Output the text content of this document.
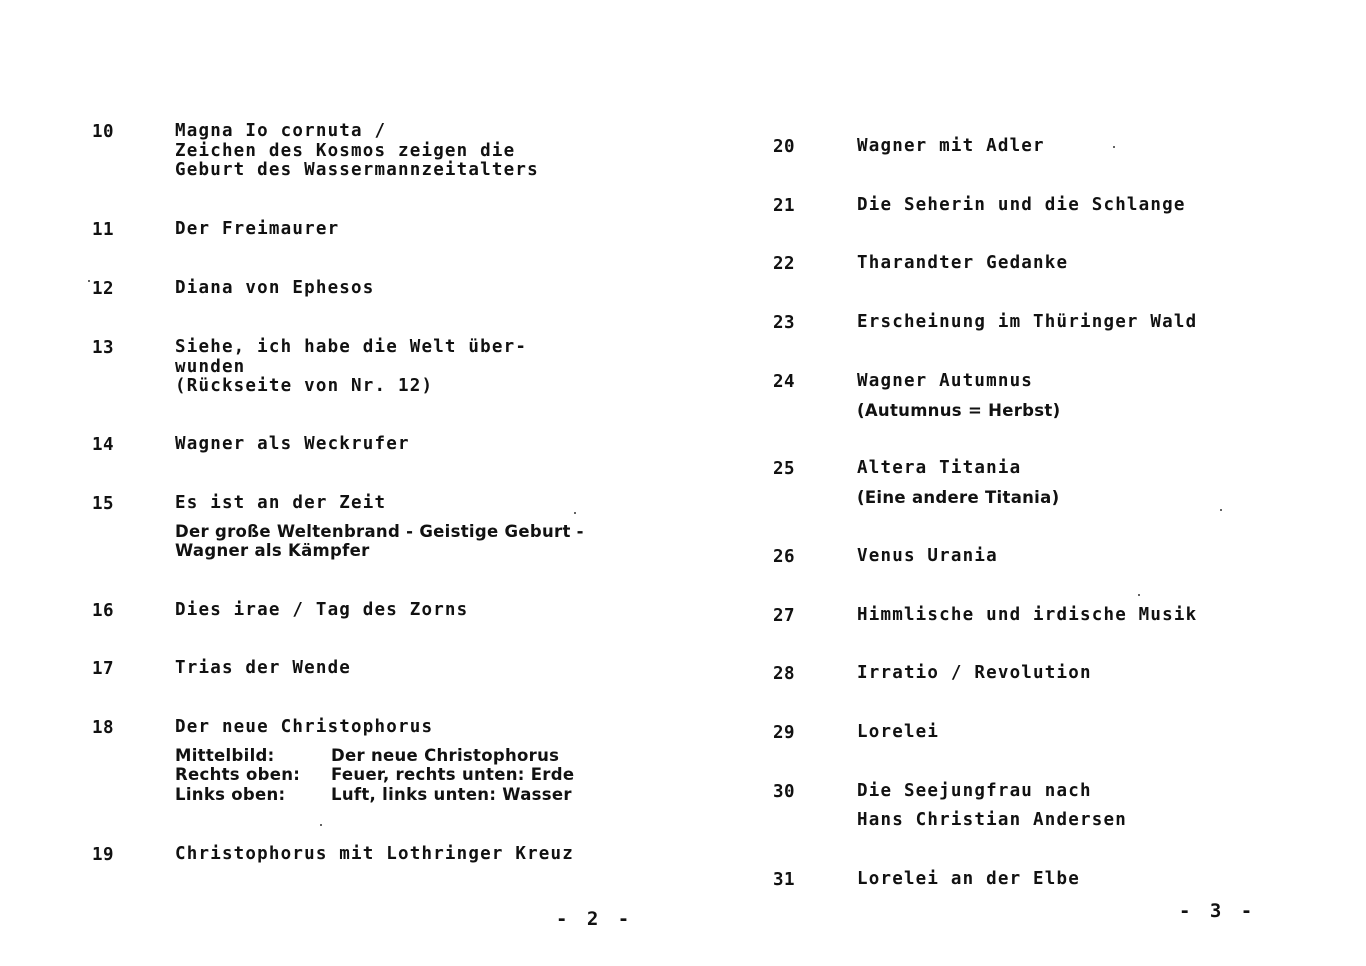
10	Magna Io cornuta /
Zeichen des Kosmos zeigen die
Geburt des Wassermannzeitalters
11	Der Freimaurer
12	Diana von Ephesos
13	Siehe, ich habe die Welt über-
wunden
(Rückseite von Nr. 12)
14	Wagner als Weckrufer
15	Es ist an der Zeit
Der große Weltenbrand - Geistige Geburt -
Wagner als Kämpfer
16	Dies irae / Tag des Zorns
17	Trias der Wende
18	Der neue Christophorus
Mittelbild:	Der neue Christophorus
Rechts oben:	Feuer, rechts unten: Erde
Links oben:	Luft, links unten: Wasser
19	Christophorus mit Lothringer Kreuz
- 2 -
20	Wagner mit Adler
21	Die Seherin und die Schlange
22	Tharandter Gedanke
23	Erscheinung im Thüringer Wald
24	Wagner Autumnus
(Autumnus = Herbst)
25	Altera Titania
(Eine andere Titania)
26	Venus Urania
27	Himmlische und irdische Musik
28	Irratio / Revolution
29	Lorelei
30	Die Seejungfrau nach
Hans Christian Andersen
31	Lorelei an der Elbe
- 3 -
